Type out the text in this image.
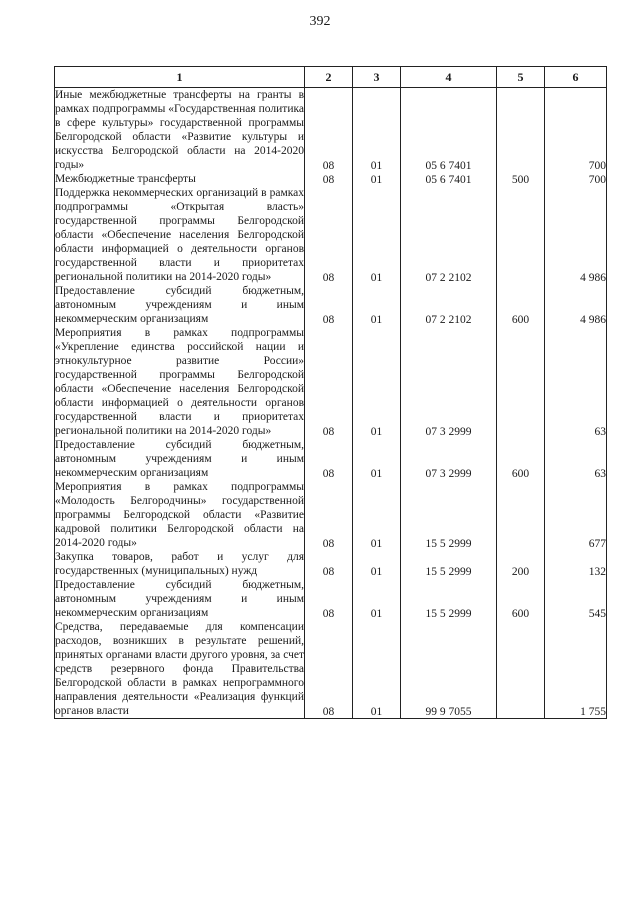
392
1	2	3	4	5	6
Иные межбюджетные трансферты на гранты в рамках подпрограммы «Государственная политика в сфере культуры» государственной программы Белгородской области «Развитие культуры и искусства Белгородской области на 2014-2020 годы»	08	01	05 6 7401		700
Межбюджетные трансферты	08	01	05 6 7401	500	700
Поддержка некоммерческих организаций в рамках подпрограммы «Открытая власть» государственной программы Белгородской области «Обеспечение населения Белгородской области информацией о деятельности органов государственной власти и приоритетах региональной политики на 2014-2020 годы»	08	01	07 2 2102		4 986
Предоставление субсидий бюджетным, автономным учреждениям и иным некоммерческим организациям	08	01	07 2 2102	600	4 986
Мероприятия в рамках подпрограммы «Укрепление единства российской нации и этнокультурное развитие России» государственной программы Белгородской области «Обеспечение населения Белгородской области информацией о деятельности органов государственной власти и приоритетах региональной политики на 2014-2020 годы»	08	01	07 3 2999		63
Предоставление субсидий бюджетным, автономным учреждениям и иным некоммерческим организациям	08	01	07 3 2999	600	63
Мероприятия в рамках подпрограммы «Молодость Белгородчины» государственной программы Белгородской области «Развитие кадровой политики Белгородской области на 2014-2020 годы»	08	01	15 5 2999		677
Закупка товаров, работ и услуг для государственных (муниципальных) нужд	08	01	15 5 2999	200	132
Предоставление субсидий бюджетным, автономным учреждениям и иным некоммерческим организациям	08	01	15 5 2999	600	545
Средства, передаваемые для компенсации расходов, возникших в результате решений, принятых органами власти другого уровня, за счет средств резервного фонда Правительства Белгородской области в рамках непрограммного направления деятельности «Реализация функций органов власти	08	01	99 9 7055		1 755
